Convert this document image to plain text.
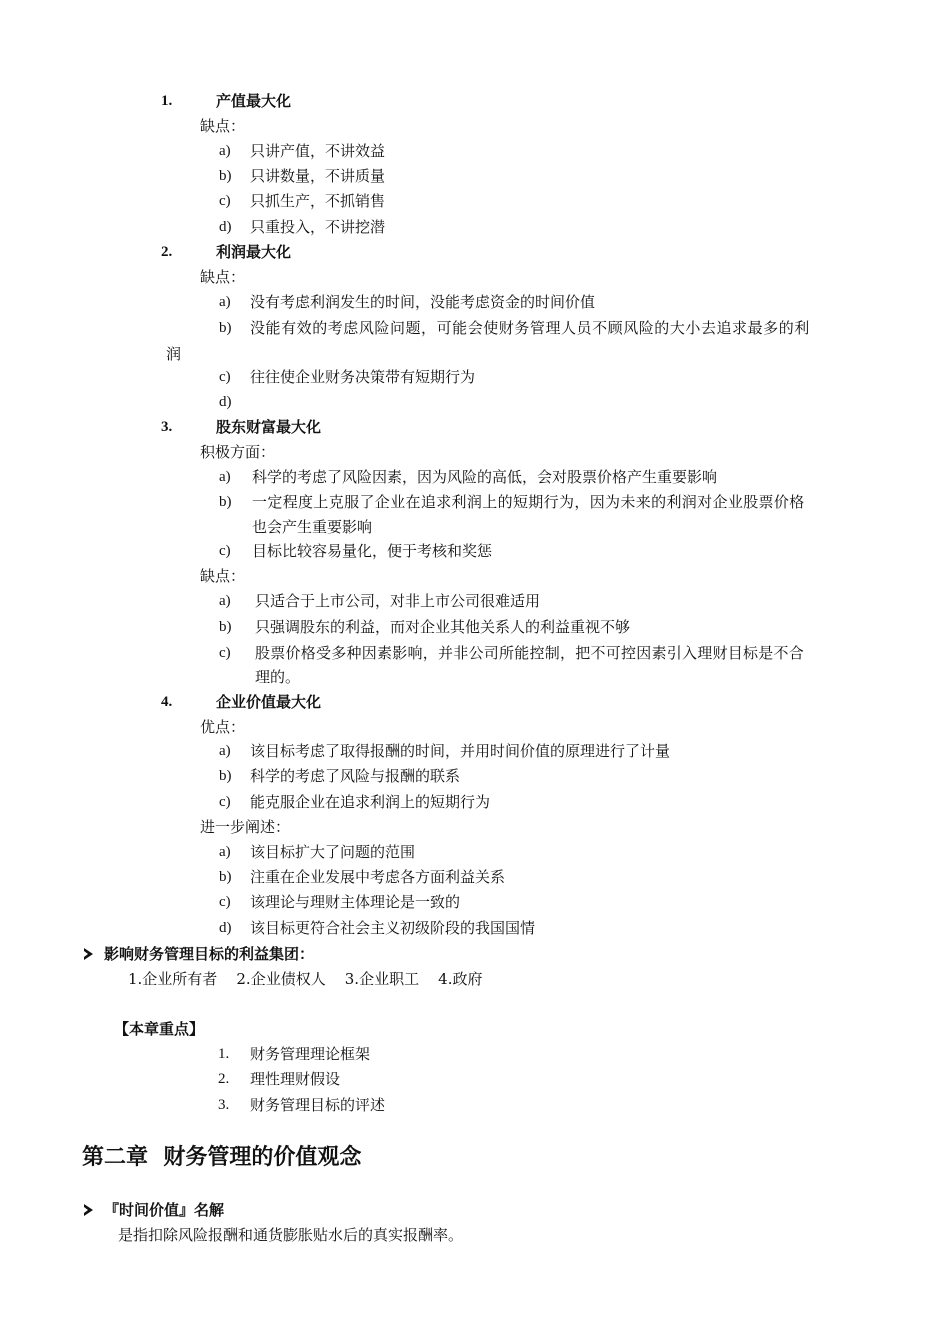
1.	产值最大化
缺点：
a) 只讲产值，不讲效益
b) 只讲数量，不讲质量
c) 只抓生产，不抓销售
d) 只重投入，不讲挖潜
2.	利润最大化
缺点：
a) 没有考虑利润发生的时间，没能考虑资金的时间价值
b) 没能有效的考虑风险问题，可能会使财务管理人员不顾风险的大小去追求最多的利
润
c) 往往使企业财务决策带有短期行为
d)
3.	股东财富最大化
积极方面：
a) 科学的考虑了风险因素，因为风险的高低，会对股票价格产生重要影响
b) 一定程度上克服了企业在追求利润上的短期行为，因为未来的利润对企业股票价格
也会产生重要影响
c) 目标比较容易量化，便于考核和奖惩
缺点：
a) 只适合于上市公司，对非上市公司很难适用
b) 只强调股东的利益，而对企业其他关系人的利益重视不够
c) 股票价格受多种因素影响，并非公司所能控制，把不可控因素引入理财目标是不合
理的。
4.	企业价值最大化
优点：
a) 该目标考虑了取得报酬的时间，并用时间价值的原理进行了计量
b) 科学的考虑了风险与报酬的联系
c) 能克服企业在追求利润上的短期行为
进一步阐述：
a) 该目标扩大了问题的范围
b) 注重在企业发展中考虑各方面利益关系
c) 该理论与理财主体理论是一致的
d) 该目标更符合社会主义初级阶段的我国国情
影响财务管理目标的利益集团：
1.企业所有者    2.企业债权人    3.企业职工    4.政府
【本章重点】
1. 财务管理理论框架
2. 理性理财假设
3. 财务管理目标的评述
第二章  财务管理的价值观念
『时间价值』名解
是指扣除风险报酬和通货膨胀贴水后的真实报酬率。
